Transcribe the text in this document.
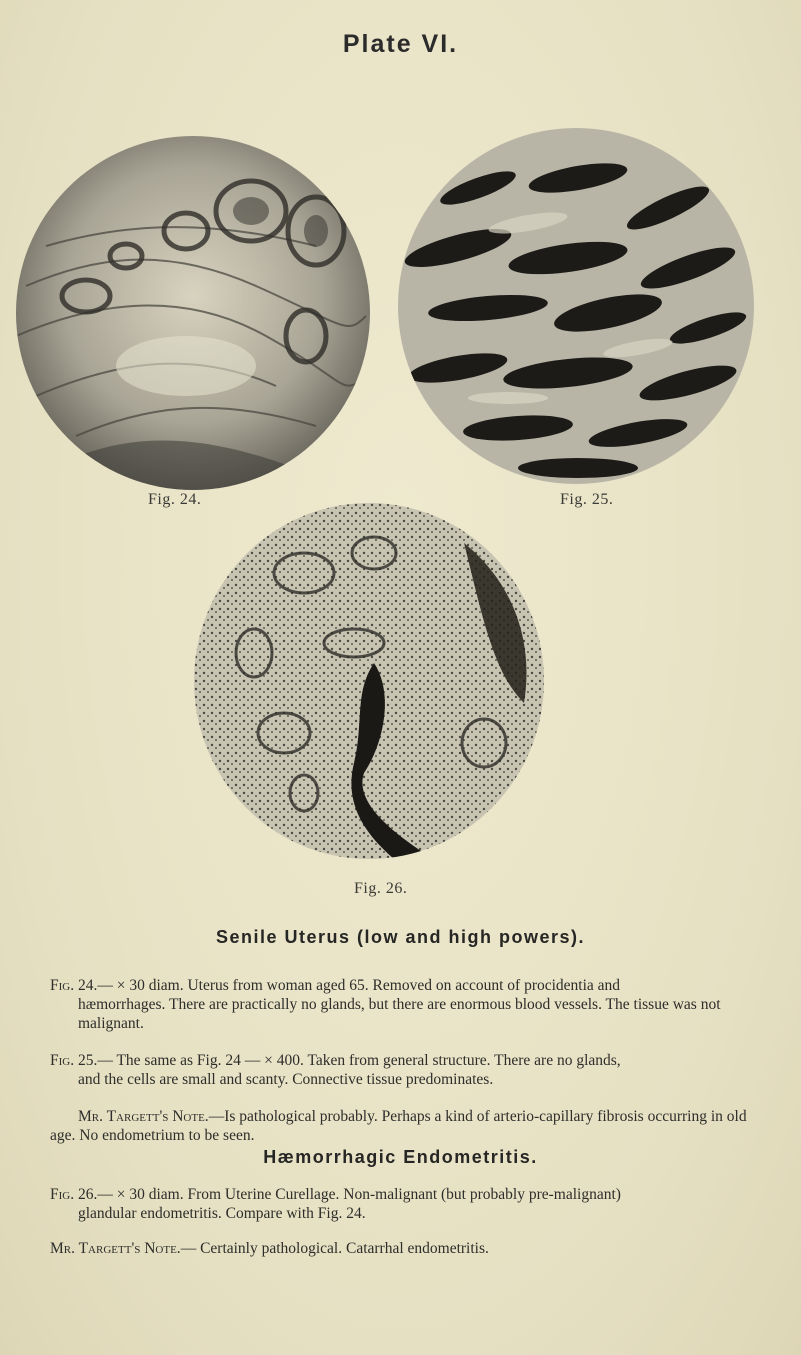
Plate VI.
Fig. 24.	Fig. 25.
Fig. 26.
Senile Uterus (low and high powers).
Fig. 24.— × 30 diam. Uterus from woman aged 65. Removed on account of procidentia and
hæmorrhages. There are practically no glands, but there are enormous blood vessels. The tissue was not malignant.
Fig. 25.— The same as Fig. 24 — × 400. Taken from general structure. There are no glands,
and the cells are small and scanty. Connective tissue predominates.
Mr. Targett's Note.—Is pathological probably. Perhaps a kind of arterio-capillary fibrosis occurring in old age. No endometrium to be seen.
Hæmorrhagic Endometritis.
Fig. 26.— × 30 diam. From Uterine Curellage. Non-malignant (but probably pre-malignant)
glandular endometritis. Compare with Fig. 24.
Mr. Targett's Note.— Certainly pathological. Catarrhal endometritis.
